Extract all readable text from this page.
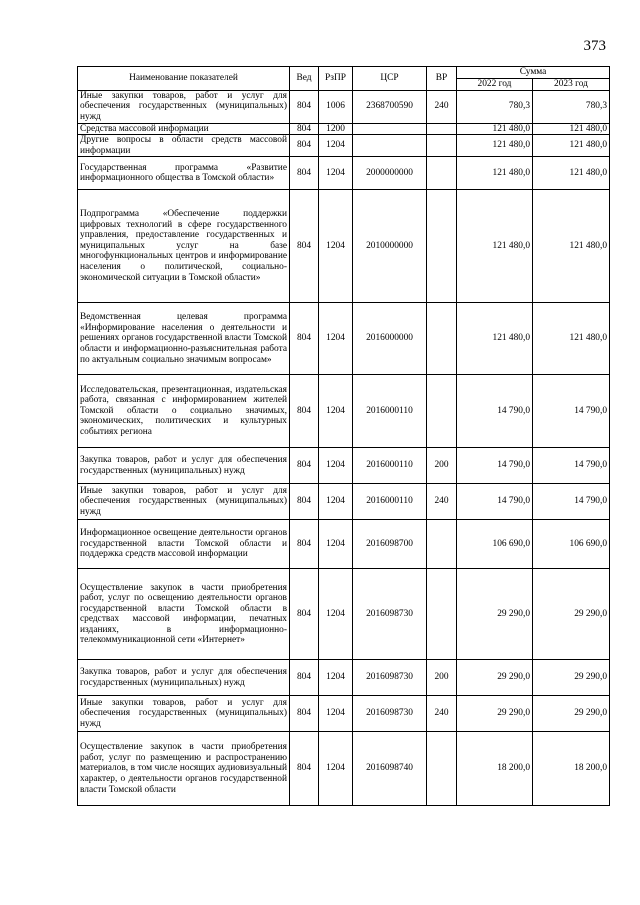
373
Наименование показателей	Вед	РзПР	ЦСР	ВР	Сумма	
					2022 год	2023 год
Иные закупки товаров, работ и услуг для обеспечения государственных (муниципальных) нужд	804	1006	2368700590	240	780,3	780,3
Средства массовой информации	804	1200			121 480,0	121 480,0
Другие вопросы в области средств массовой информации	804	1204			121 480,0	121 480,0
Государственная программа «Развитие информационного общества в Томской области»	804	1204	2000000000		121 480,0	121 480,0
Подпрограмма «Обеспечение поддержки цифровых технологий в сфере государственного управления, предоставление государственных и муниципальных услуг на базе многофункциональных центров и информирование населения о политической, социально-экономической ситуации в Томской области»	804	1204	2010000000		121 480,0	121 480,0
Ведомственная целевая программа «Информирование населения о деятельности и решениях органов государственной власти Томской области и информационно-разъяснительная работа по актуальным социально значимым вопросам»	804	1204	2016000000		121 480,0	121 480,0
Исследовательская, презентационная, издательская работа, связанная с информированием жителей Томской области о социально значимых, экономических, политических и культурных событиях региона	804	1204	2016000110		14 790,0	14 790,0
Закупка товаров, работ и услуг для обеспечения государственных (муниципальных) нужд	804	1204	2016000110	200	14 790,0	14 790,0
Иные закупки товаров, работ и услуг для обеспечения государственных (муниципальных) нужд	804	1204	2016000110	240	14 790,0	14 790,0
Информационное освещение деятельности органов государственной власти Томской области и поддержка средств массовой информации	804	1204	2016098700		106 690,0	106 690,0
Осуществление закупок в части приобретения работ, услуг по освещению деятельности органов государственной власти Томской области в средствах массовой информации, печатных изданиях, в информационно-телекоммуникационной сети «Интернет»	804	1204	2016098730		29 290,0	29 290,0
Закупка товаров, работ и услуг для обеспечения государственных (муниципальных) нужд	804	1204	2016098730	200	29 290,0	29 290,0
Иные закупки товаров, работ и услуг для обеспечения государственных (муниципальных) нужд	804	1204	2016098730	240	29 290,0	29 290,0
Осуществление закупок в части приобретения работ, услуг по размещению и распространению материалов, в том числе носящих аудиовизуальный характер, о деятельности органов государственной власти Томской области	804	1204	2016098740		18 200,0	18 200,0
